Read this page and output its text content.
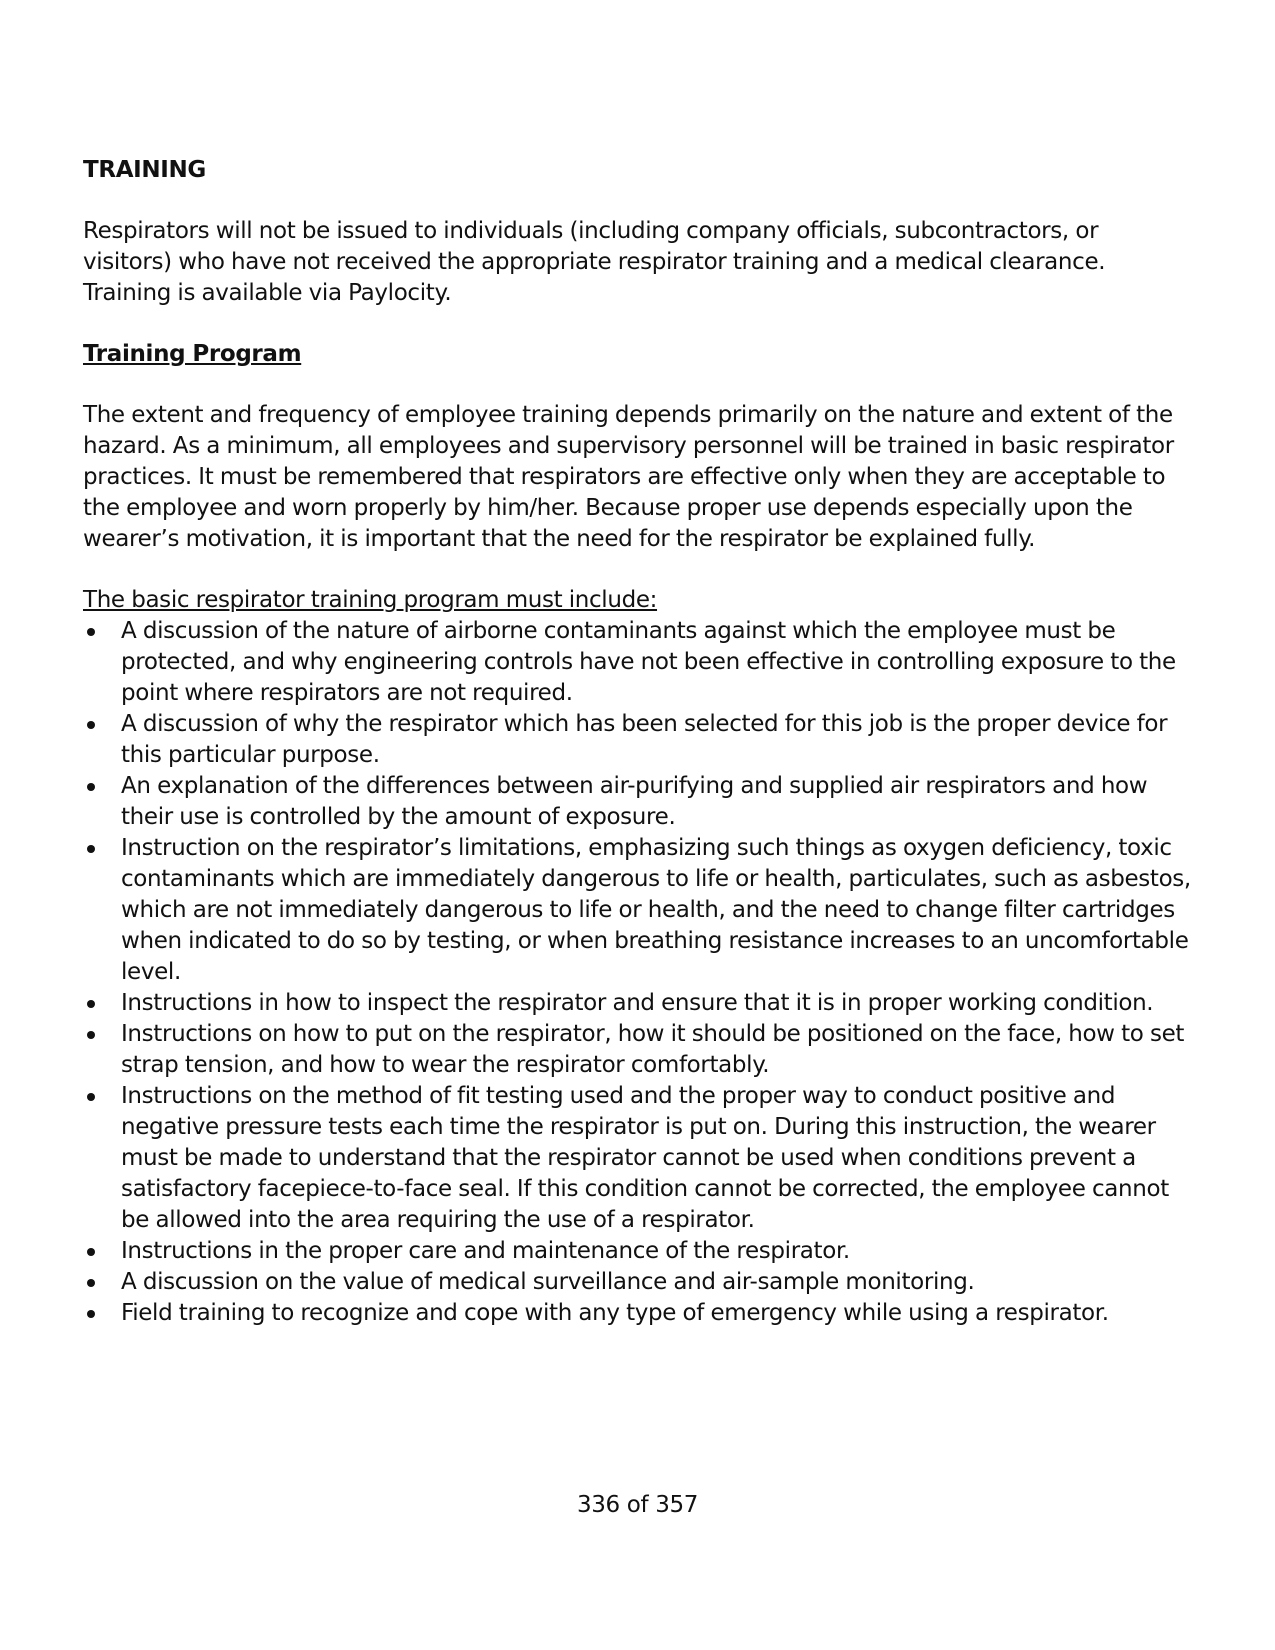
TRAINING
Respirators will not be issued to individuals (including company officials, subcontractors, or visitors) who have not received the appropriate respirator training and a medical clearance. Training is available via Paylocity.
Training Program
The extent and frequency of employee training depends primarily on the nature and extent of the hazard. As a minimum, all employees and supervisory personnel will be trained in basic respirator practices. It must be remembered that respirators are effective only when they are acceptable to the employee and worn properly by him/her. Because proper use depends especially upon the wearer’s motivation, it is important that the need for the respirator be explained fully.
The basic respirator training program must include:
A discussion of the nature of airborne contaminants against which the employee must be protected, and why engineering controls have not been effective in controlling exposure to the point where respirators are not required.
A discussion of why the respirator which has been selected for this job is the proper device for this particular purpose.
An explanation of the differences between air-purifying and supplied air respirators and how their use is controlled by the amount of exposure.
Instruction on the respirator’s limitations, emphasizing such things as oxygen deficiency, toxic contaminants which are immediately dangerous to life or health, particulates, such as asbestos, which are not immediately dangerous to life or health, and the need to change filter cartridges when indicated to do so by testing, or when breathing resistance increases to an uncomfortable level.
Instructions in how to inspect the respirator and ensure that it is in proper working condition.
Instructions on how to put on the respirator, how it should be positioned on the face, how to set strap tension, and how to wear the respirator comfortably.
Instructions on the method of fit testing used and the proper way to conduct positive and negative pressure tests each time the respirator is put on. During this instruction, the wearer must be made to understand that the respirator cannot be used when conditions prevent a satisfactory facepiece-to-face seal. If this condition cannot be corrected, the employee cannot be allowed into the area requiring the use of a respirator.
Instructions in the proper care and maintenance of the respirator.
A discussion on the value of medical surveillance and air-sample monitoring.
Field training to recognize and cope with any type of emergency while using a respirator.
336 of 357
